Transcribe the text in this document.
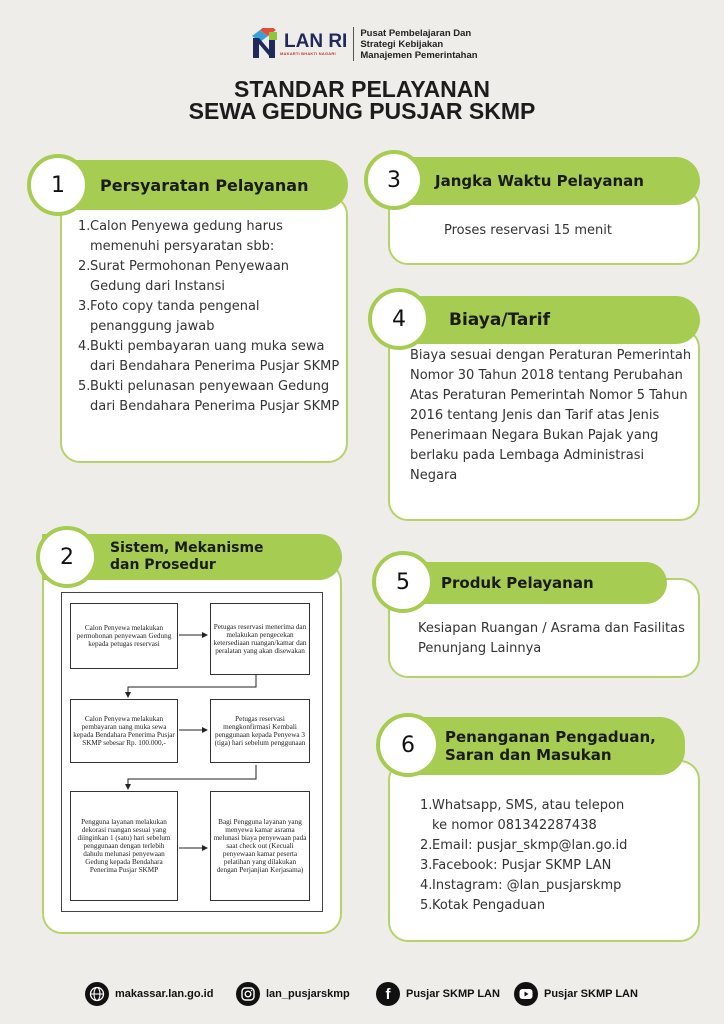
LAN RI
MAKARTI BHAKTI NAGARI
Pusat Pembelajaran Dan
Strategi Kebijakan
Manajemen Pemerintahan
STANDAR PELAYANAN
SEWA GEDUNG PUSJAR SKMP
Persyaratan Pelayanan
1
1. Calon Penyewa gedung harus memenuhi persyaratan sbb:
2. Surat Permohonan Penyewaan Gedung dari Instansi
3. Foto copy tanda pengenal penanggung jawab
4. Bukti pembayaran uang muka sewa dari Bendahara Penerima Pusjar SKMP
5. Bukti pelunasan penyewaan Gedung dari Bendahara Penerima Pusjar SKMP
Jangka Waktu Pelayanan
3
Proses reservasi 15 menit
Biaya/Tarif
4
Biaya sesuai dengan Peraturan Pemerintah Nomor 30 Tahun 2018 tentang Perubahan Atas Peraturan Pemerintah Nomor 5 Tahun 2016 tentang Jenis dan Tarif atas Jenis Penerimaan Negara Bukan Pajak yang berlaku pada Lembaga Administrasi Negara
Sistem, Mekanisme
dan Prosedur
2
Calon Penyewa melakukan permohonan penyewaan Gedung kepada petugas reservasi
Petugas reservasi menerima dan melakukan pengecekan ketersediaan ruangan/kamar dan peralatan yang akan disewakan
Calon Penyewa melakukan pembayaran uang muka sewa kepada Bendahara Penerima Pusjar SKMP sebesar Rp. 100.000,-
Petugas reservasi mengkonfirmasi Kembali penggunaan kepada Penyewa 3 (tiga) hari sebelum penggunaan
Pengguna layanan melakukan dekorasi ruangan sesuai yang diinginkan 1 (satu) hari sebelum penggunaan dengan terlebih dahulu melunasi penyewaan Gedung kepada Bendahara Penerima Pusjar SKMP
Bagi Pengguna layanan yang menyewa kamar asrama melunasi biaya penyewaan pada saat check out (Kecuali penyewaan kamar peserta pelatihan yang dilakukan dengan Perjanjian Kerjasama)
Produk Pelayanan
5
Kesiapan Ruangan / Asrama dan Fasilitas Penunjang Lainnya
Penanganan Pengaduan,
Saran dan Masukan
6
1. Whatsapp, SMS, atau telepon
ke nomor 081342287438
2. Email: pusjar_skmp@lan.go.id
3. Facebook: Pusjar SKMP LAN
4. Instagram: @lan_pusjarskmp
5. Kotak Pengaduan
makassar.lan.go.id	lan_pusjarskmp	f	Pusjar SKMP LAN	Pusjar SKMP LAN
